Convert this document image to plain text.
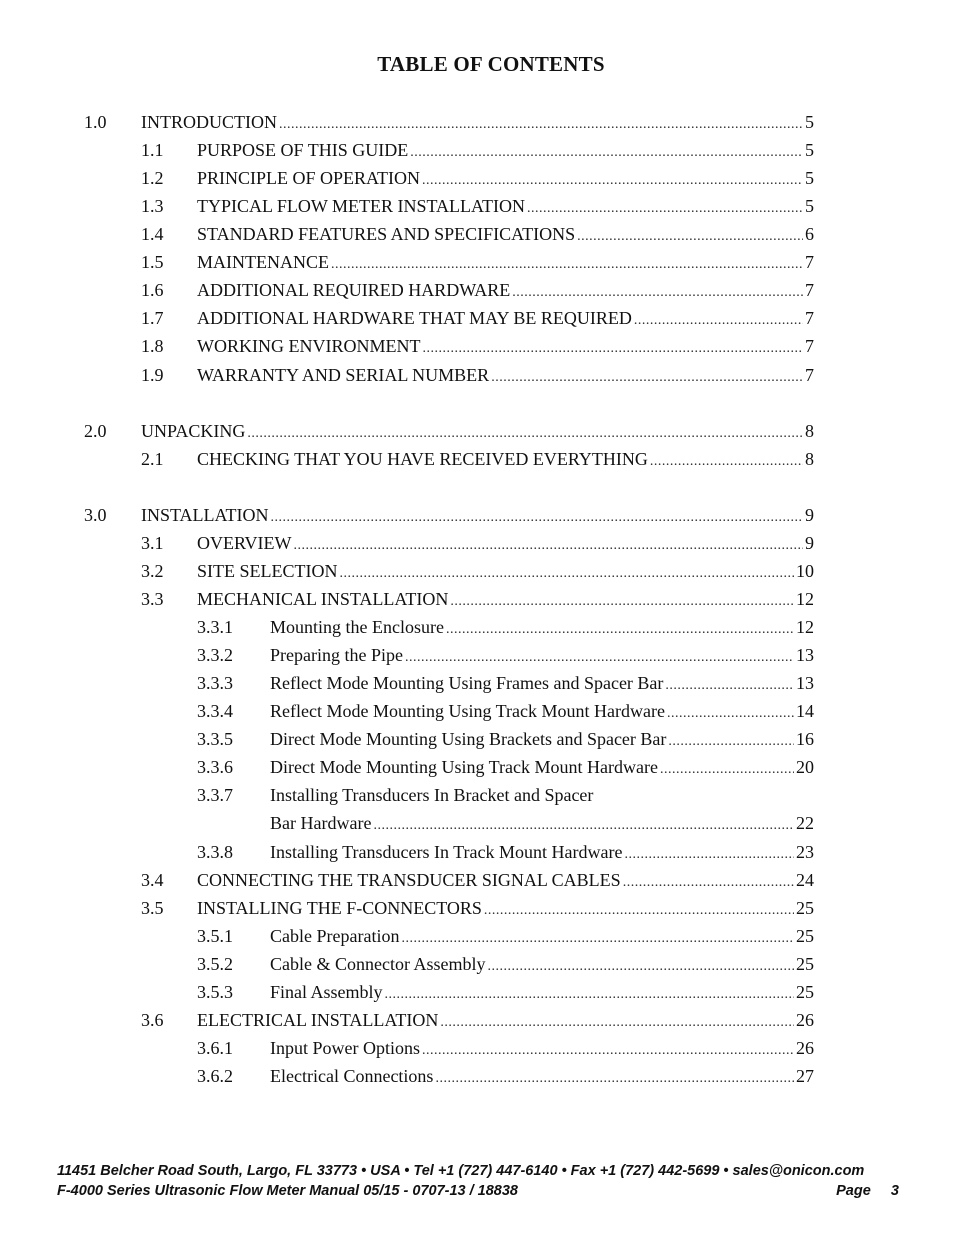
TABLE OF CONTENTS
1.0 INTRODUCTION .....	5
1.1 PURPOSE OF THIS GUIDE .....	5
1.2 PRINCIPLE OF OPERATION .....	5
1.3 TYPICAL FLOW METER INSTALLATION .....	5
1.4 STANDARD FEATURES AND SPECIFICATIONS .....	6
1.5 MAINTENANCE .....	7
1.6 ADDITIONAL REQUIRED HARDWARE .....	7
1.7 ADDITIONAL HARDWARE THAT MAY BE REQUIRED .....	7
1.8 WORKING ENVIRONMENT .....	7
1.9 WARRANTY AND SERIAL NUMBER .....	7
2.0 UNPACKING .....	8
2.1 CHECKING THAT YOU HAVE RECEIVED EVERYTHING .....	8
3.0 INSTALLATION .....	9
3.1 OVERVIEW .....	9
3.2 SITE SELECTION .....	10
3.3 MECHANICAL INSTALLATION .....	12
3.3.1 Mounting the Enclosure .....	12
3.3.2 Preparing the Pipe .....	13
3.3.3 Reflect Mode Mounting Using Frames and Spacer Bar .....	13
3.3.4 Reflect Mode Mounting Using Track Mount Hardware .....	14
3.3.5 Direct Mode Mounting Using Brackets and Spacer Bar .....	16
3.3.6 Direct Mode Mounting Using Track Mount Hardware .....	20
3.3.7 Installing Transducers In Bracket and Spacer
Bar Hardware .....	22
3.3.8 Installing Transducers In Track Mount Hardware .....	23
3.4 CONNECTING THE TRANSDUCER SIGNAL CABLES .....	24
3.5 INSTALLING THE F-CONNECTORS .....	25
3.5.1 Cable Preparation .....	25
3.5.2 Cable & Connector Assembly .....	25
3.5.3 Final Assembly .....	25
3.6 ELECTRICAL INSTALLATION .....	26
3.6.1 Input Power Options .....	26
3.6.2 Electrical Connections .....	27
11451 Belcher Road South, Largo, FL 33773 • USA • Tel +1 (727) 447-6140 • Fax +1 (727) 442-5699 • sales@onicon.com
F-4000 Series Ultrasonic Flow Meter Manual 05/15 - 0707-13 / 18838	Page     3
